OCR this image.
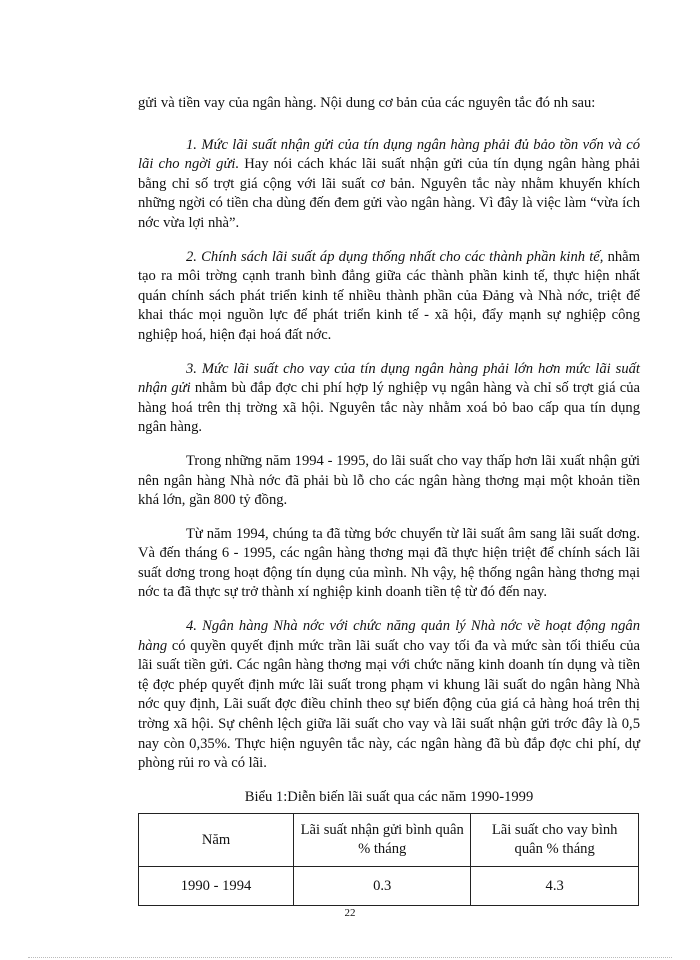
gửi và tiền vay của ngân hàng. Nội dung cơ bản của các nguyên tắc đó nh sau:

1. Mức lãi suất nhận gửi của tín dụng ngân hàng phải đủ bảo tồn vốn và có lãi cho ngời gửi. Hay nói cách khác lãi suất nhận gửi của tín dụng ngân hàng phải bằng chỉ số trợt giá cộng với lãi suất cơ bản. Nguyên tắc này nhằm khuyến khích những ngời có tiền cha dùng đến đem gửi vào ngân hàng. Vì đây là việc làm “vừa ích nớc vừa lợi nhà”.

2. Chính sách lãi suất áp dụng thống nhất cho các thành phần kinh tế, nhằm tạo ra môi trờng cạnh tranh bình đẳng giữa các thành phần kinh tế, thực hiện nhất quán chính sách phát triển kinh tế nhiều thành phần của Đảng và Nhà nớc, triệt để khai thác mọi nguồn lực để phát triển kinh tế - xã hội, đẩy mạnh sự nghiệp công nghiệp hoá, hiện đại hoá đất nớc.

3. Mức lãi suất cho vay của tín dụng ngân hàng phải lớn hơn mức lãi suất nhận gửi nhằm bù đắp đợc chi phí hợp lý nghiệp vụ ngân hàng và chỉ số trợt giá của hàng hoá trên thị trờng xã hội. Nguyên tắc này nhằm xoá bỏ bao cấp qua tín dụng ngân hàng.

Trong những năm 1994 - 1995, do lãi suất cho vay thấp hơn lãi xuất nhận gửi nên ngân hàng Nhà nớc đã phải bù lỗ cho các ngân hàng thơng mại một khoản tiền khá lớn, gần 800 tỷ đồng.

Từ năm 1994, chúng ta đã từng bớc chuyển từ lãi suất âm sang lãi suất dơng. Và đến tháng 6 - 1995, các ngân hàng thơng mại đã thực hiện triệt để chính sách lãi suất dơng trong hoạt động tín dụng của mình. Nh vậy, hệ thống ngân hàng thơng mại nớc ta đã thực sự trở thành xí nghiệp kinh doanh tiền tệ từ đó đến nay.

4. Ngân hàng Nhà nớc với chức năng quản lý Nhà nớc về hoạt động ngân hàng có quyền quyết định mức trần lãi suất cho vay tối đa và mức sàn tối thiểu của lãi suất tiền gửi. Các ngân hàng thơng mại với chức năng kinh doanh tín dụng và tiền tệ đợc phép quyết định mức lãi suất trong phạm vi khung lãi suất do ngân hàng Nhà nớc quy định, Lãi suất đợc điều chỉnh theo sự biến động của giá cả hàng hoá trên thị trờng xã hội. Sự chênh lệch giữa lãi suất cho vay và lãi suất nhận gửi trớc đây là 0,5 nay còn 0,35%. Thực hiện nguyên tắc này, các ngân hàng đã bù đắp đợc chi phí, dự phòng rủi ro và có lãi.

Biểu 1:Diễn biến lãi suất qua các năm 1990-1999
Năm	Lãi suất nhận gửi bình quân % tháng	Lãi suất cho vay bình quân % tháng
1990 - 1994	0.3	4.3
22
